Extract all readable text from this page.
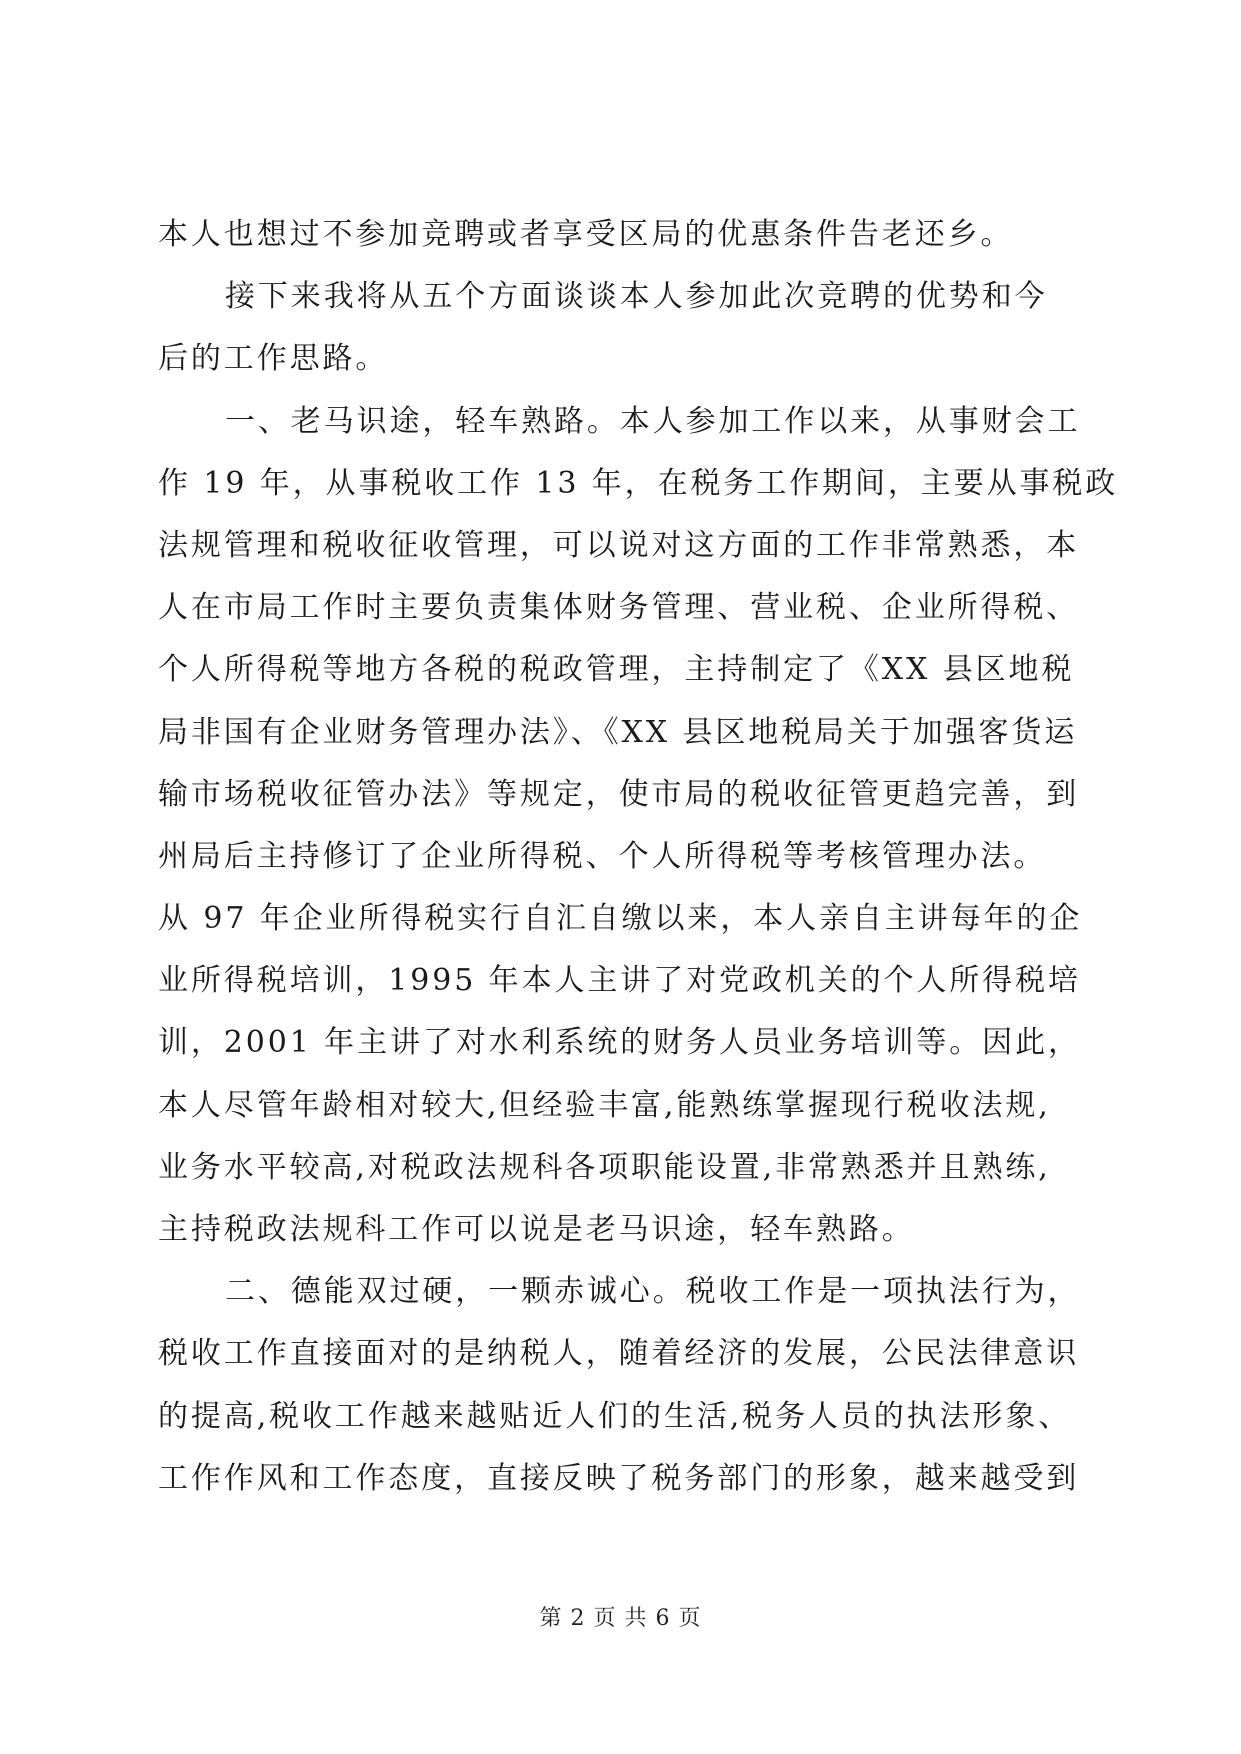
本人也想过不参加竞聘或者享受区局的优惠条件告老还乡。
接下来我将从五个方面谈谈本人参加此次竞聘的优势和今
后的工作思路。
一、老马识途，轻车熟路。本人参加工作以来，从事财会工
作 19 年，从事税收工作 13 年，在税务工作期间，主要从事税政
法规管理和税收征收管理，可以说对这方面的工作非常熟悉，本
人在市局工作时主要负责集体财务管理、营业税、企业所得税、
个人所得税等地方各税的税政管理，主持制定了《XX 县区地税
局非国有企业财务管理办法》、《XX 县区地税局关于加强客货运
输市场税收征管办法》等规定，使市局的税收征管更趋完善，到
州局后主持修订了企业所得税、个人所得税等考核管理办法。
从 97 年企业所得税实行自汇自缴以来，本人亲自主讲每年的企
业所得税培训，1995 年本人主讲了对党政机关的个人所得税培
训，2001 年主讲了对水利系统的财务人员业务培训等。因此，
本人尽管年龄相对较大,但经验丰富,能熟练掌握现行税收法规,
业务水平较高,对税政法规科各项职能设置,非常熟悉并且熟练,
主持税政法规科工作可以说是老马识途，轻车熟路。
二、德能双过硬，一颗赤诚心。税收工作是一项执法行为，
税收工作直接面对的是纳税人，随着经济的发展，公民法律意识
的提高,税收工作越来越贴近人们的生活,税务人员的执法形象、
工作作风和工作态度，直接反映了税务部门的形象，越来越受到
第 2 页 共 6 页
